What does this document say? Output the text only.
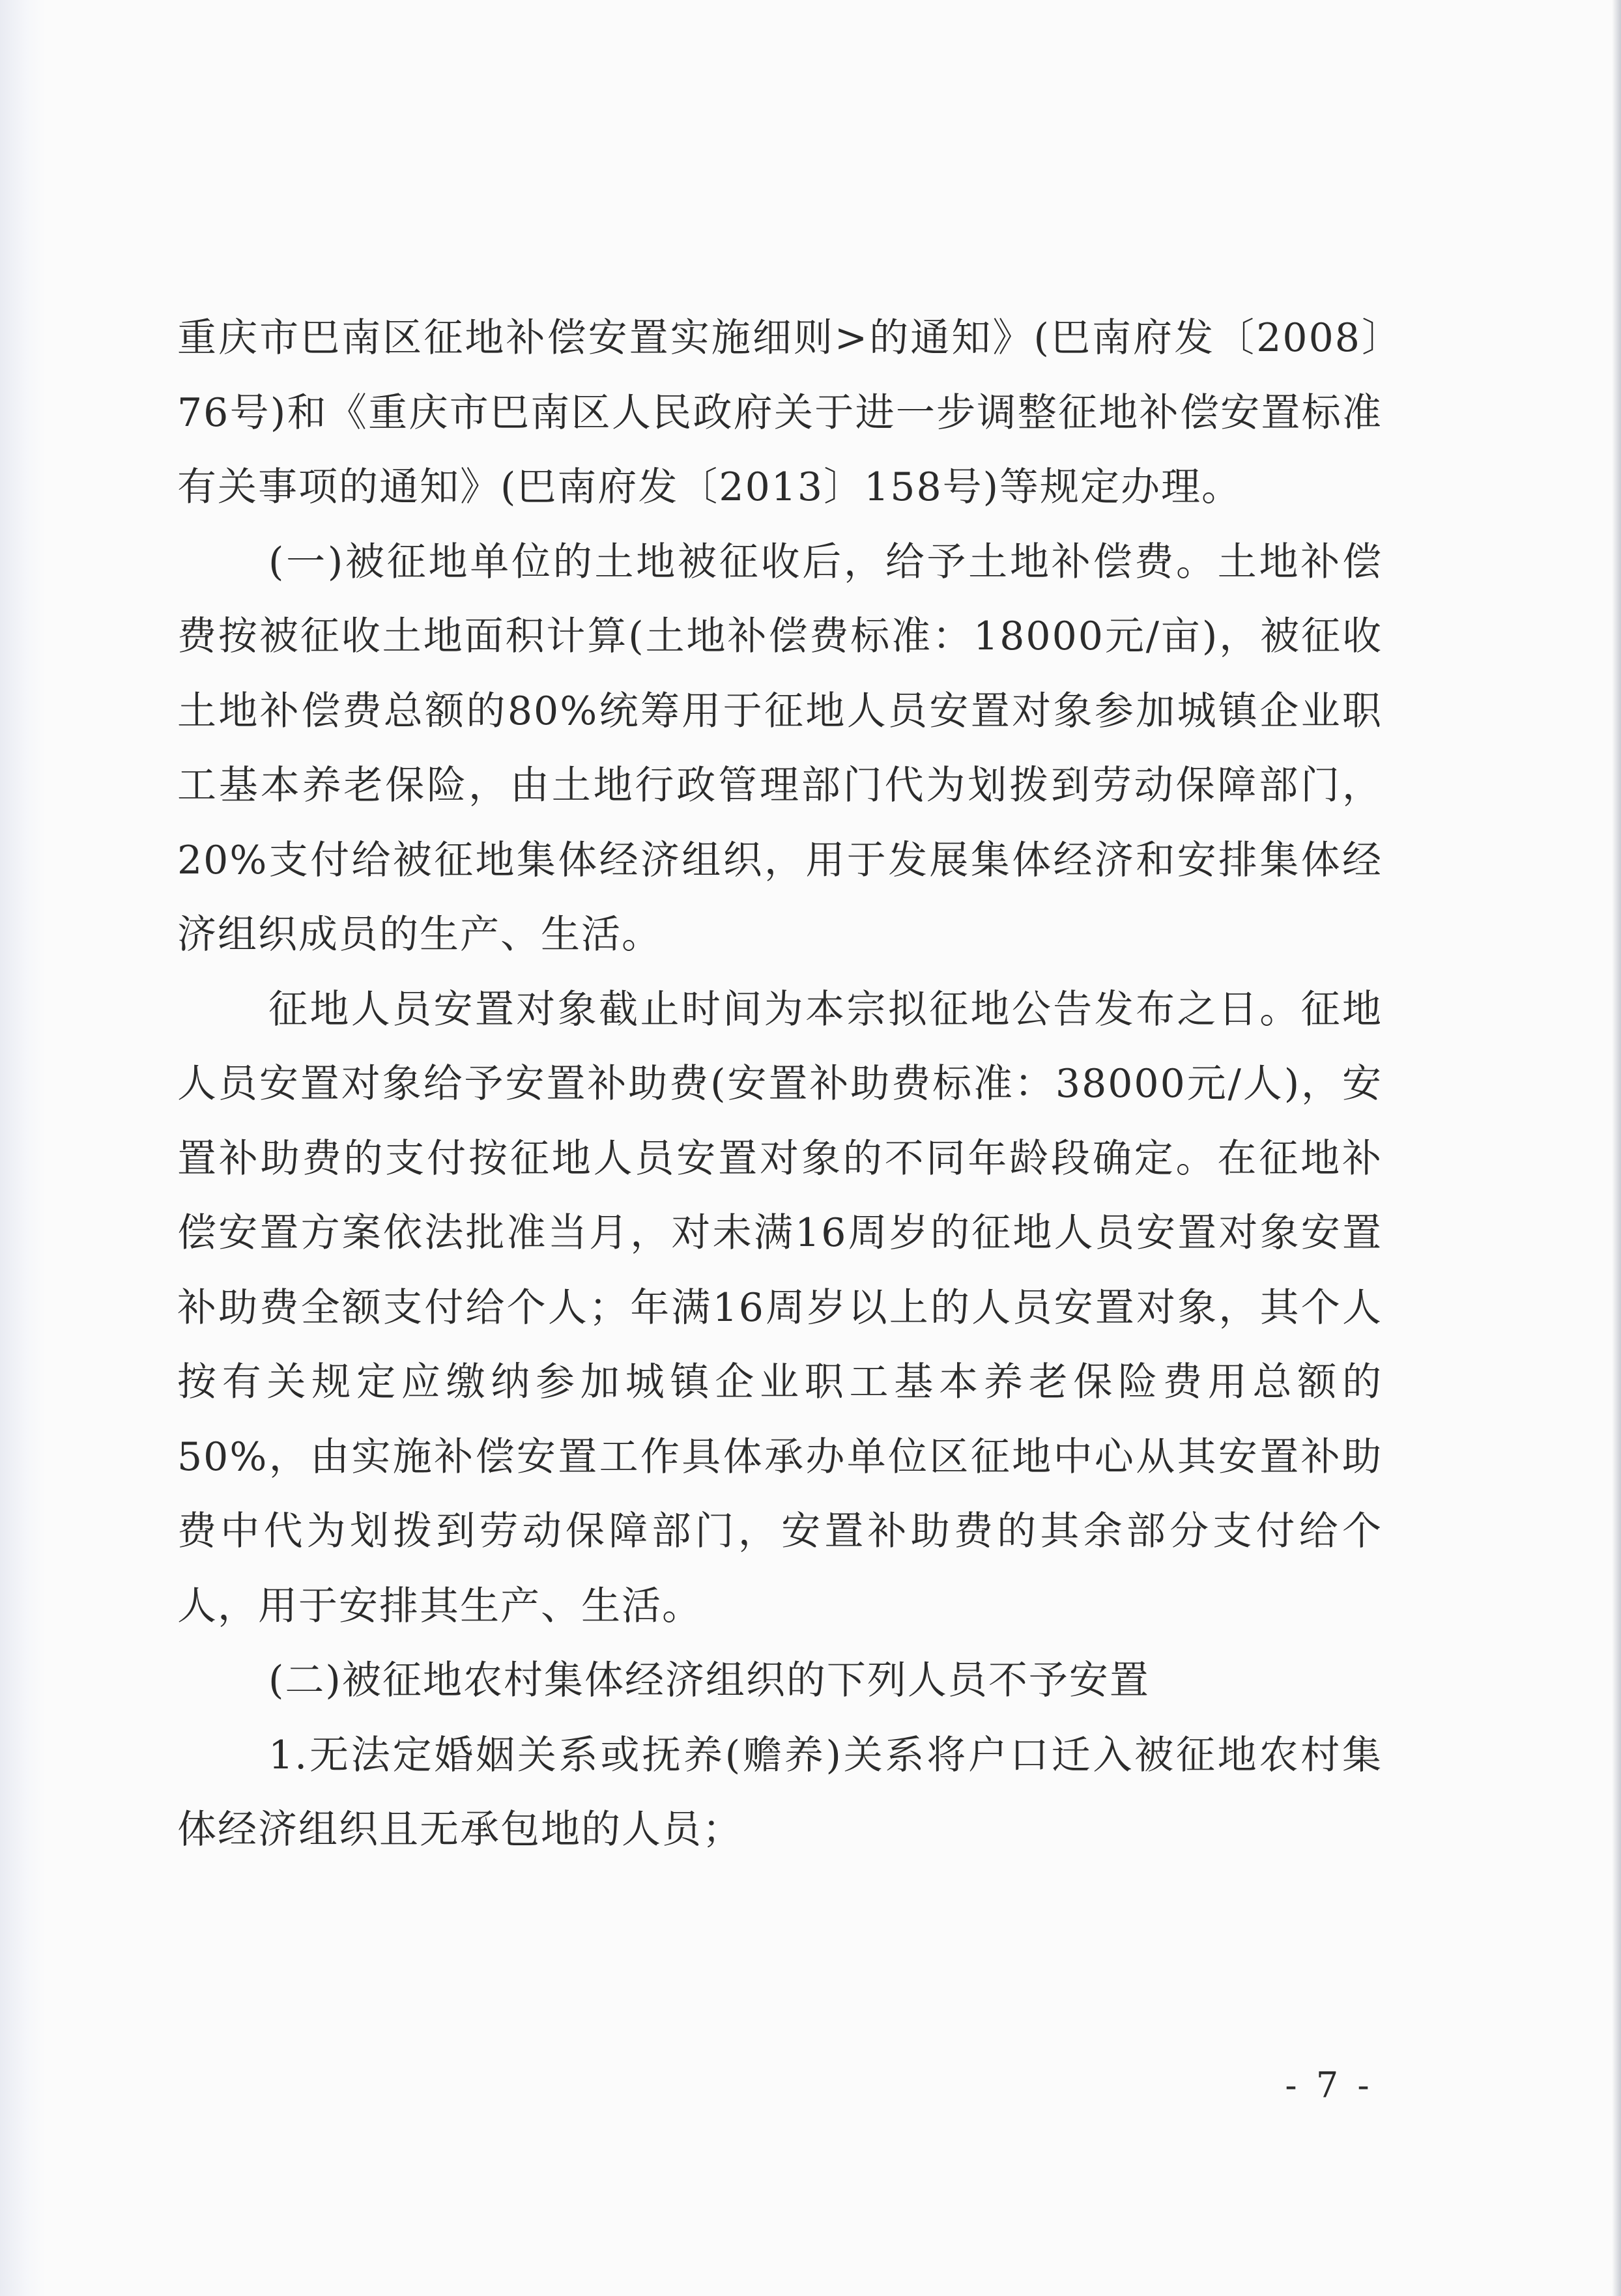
重庆市巴南区征地补偿安置实施细则>的通知》(巴南府发〔2008〕76号)和《重庆市巴南区人民政府关于进一步调整征地补偿安置标准有关事项的通知》(巴南府发〔2013〕158号)等规定办理。

(一)被征地单位的土地被征收后，给予土地补偿费。土地补偿费按被征收土地面积计算(土地补偿费标准：18000元/亩)，被征收土地补偿费总额的80%统筹用于征地人员安置对象参加城镇企业职工基本养老保险，由土地行政管理部门代为划拨到劳动保障部门，20%支付给被征地集体经济组织，用于发展集体经济和安排集体经济组织成员的生产、生活。

征地人员安置对象截止时间为本宗拟征地公告发布之日。征地人员安置对象给予安置补助费(安置补助费标准：38000元/人)，安置补助费的支付按征地人员安置对象的不同年龄段确定。在征地补偿安置方案依法批准当月，对未满16周岁的征地人员安置对象安置补助费全额支付给个人；年满16周岁以上的人员安置对象，其个人按有关规定应缴纳参加城镇企业职工基本养老保险费用总额的50%，由实施补偿安置工作具体承办单位区征地中心从其安置补助费中代为划拨到劳动保障部门，安置补助费的其余部分支付给个人，用于安排其生产、生活。

(二)被征地农村集体经济组织的下列人员不予安置

1.无法定婚姻关系或抚养(赡养)关系将户口迁入被征地农村集体经济组织且无承包地的人员；

- 7 -
